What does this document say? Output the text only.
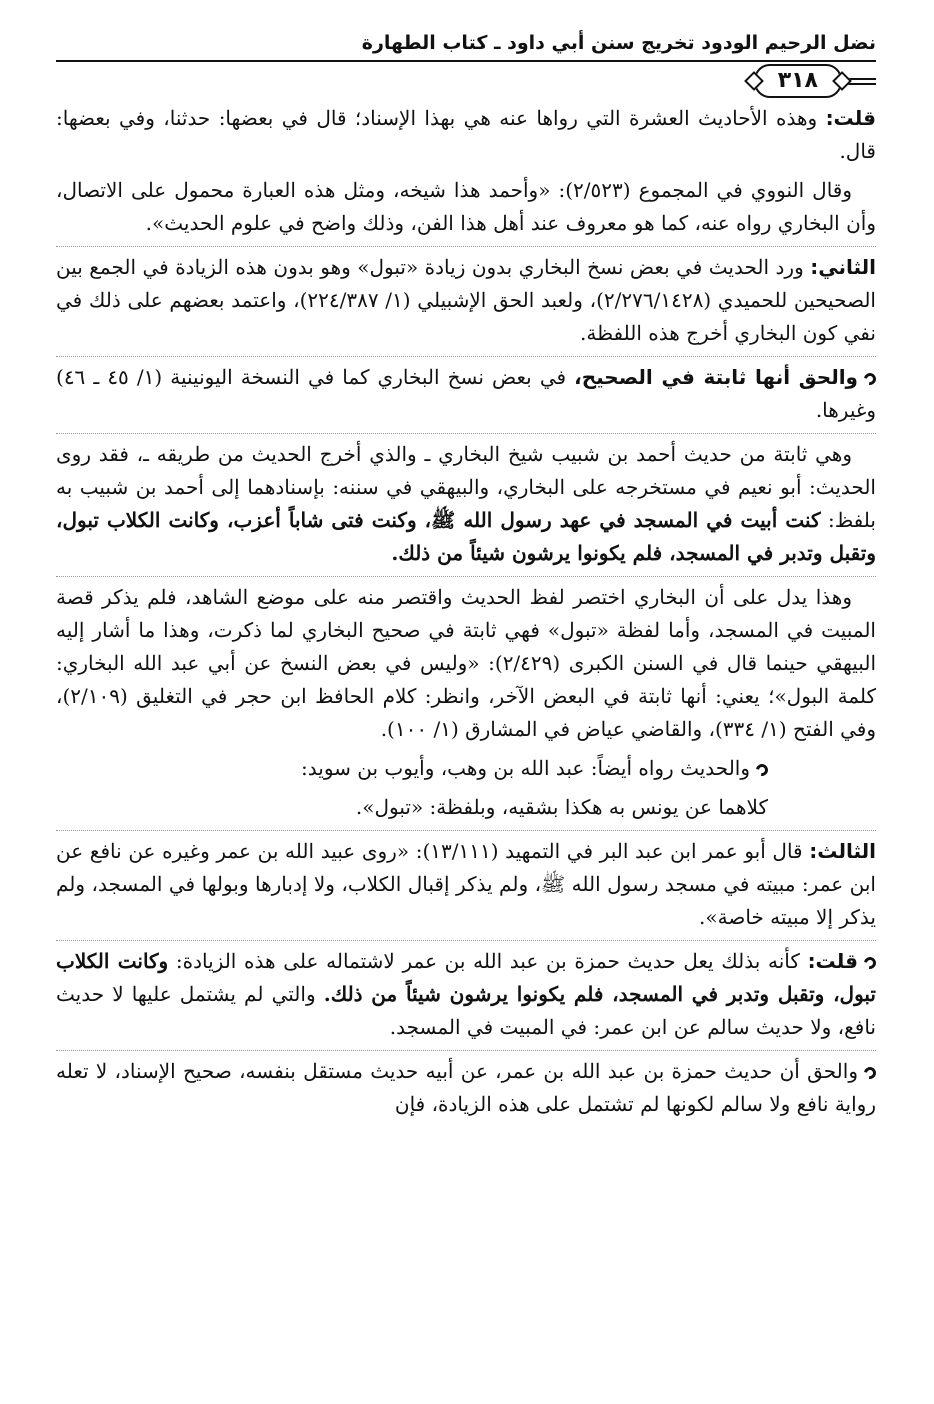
نضل الرحيم الودود تخريج سنن أبي داود ـ كتاب الطهارة
٣١٨

قلت: وهذه الأحاديث العشرة التي رواها عنه هي بهذا الإسناد؛ قال في بعضها: حدثنا، وفي بعضها: قال.

وقال النووي في المجموع (٢/٥٢٣): «وأحمد هذا شيخه، ومثل هذه العبارة محمول على الاتصال، وأن البخاري رواه عنه، كما هو معروف عند أهل هذا الفن، وذلك واضح في علوم الحديث».

الثاني: ورد الحديث في بعض نسخ البخاري بدون زيادة «تبول» وهو بدون هذه الزيادة في الجمع بين الصحيحين للحميدي (٢/٢٧٦/١٤٢٨)، ولعبد الحق الإشبيلي (١/ ٢٢٤/٣٨٧)، واعتمد بعضهم على ذلك في نفي كون البخاري أخرج هذه اللفظة.

والحق أنها ثابتة في الصحيح، في بعض نسخ البخاري كما في النسخة اليونينية (١/ ٤٥ ـ ٤٦) وغيرها.

وهي ثابتة من حديث أحمد بن شبيب شيخ البخاري ـ والذي أخرج الحديث من طريقه ـ، فقد روى الحديث: أبو نعيم في مستخرجه على البخاري، والبيهقي في سننه: بإسنادهما إلى أحمد بن شبيب به بلفظ: كنت أبيت في المسجد في عهد رسول الله ﷺ، وكنت فتى شاباً أعزب، وكانت الكلاب تبول، وتقبل وتدبر في المسجد، فلم يكونوا يرشون شيئاً من ذلك.

وهذا يدل على أن البخاري اختصر لفظ الحديث واقتصر منه على موضع الشاهد، فلم يذكر قصة المبيت في المسجد، وأما لفظة «تبول» فهي ثابتة في صحيح البخاري لما ذكرت، وهذا ما أشار إليه البيهقي حينما قال في السنن الكبرى (٢/٤٢٩): «وليس في بعض النسخ عن أبي عبد الله البخاري: كلمة البول»؛ يعني: أنها ثابتة في البعض الآخر، وانظر: كلام الحافظ ابن حجر في التغليق (٢/١٠٩)، وفي الفتح (١/ ٣٣٤)، والقاضي عياض في المشارق (١/ ١٠٠).

والحديث رواه أيضاً: عبد الله بن وهب، وأيوب بن سويد:

كلاهما عن يونس به هكذا بشقيه، وبلفظة: «تبول».

الثالث: قال أبو عمر ابن عبد البر في التمهيد (١٣/١١١): «روى عبيد الله بن عمر وغيره عن نافع عن ابن عمر: مبيته في مسجد رسول الله ﷺ، ولم يذكر إقبال الكلاب، ولا إدبارها وبولها في المسجد، ولم يذكر إلا مبيته خاصة».

قلت: كأنه بذلك يعل حديث حمزة بن عبد الله بن عمر لاشتماله على هذه الزيادة: وكانت الكلاب تبول، وتقبل وتدبر في المسجد، فلم يكونوا يرشون شيئاً من ذلك. والتي لم يشتمل عليها لا حديث نافع، ولا حديث سالم عن ابن عمر: في المبيت في المسجد.

والحق أن حديث حمزة بن عبد الله بن عمر، عن أبيه حديث مستقل بنفسه، صحيح الإسناد، لا تعله رواية نافع ولا سالم لكونها لم تشتمل على هذه الزيادة، فإن
